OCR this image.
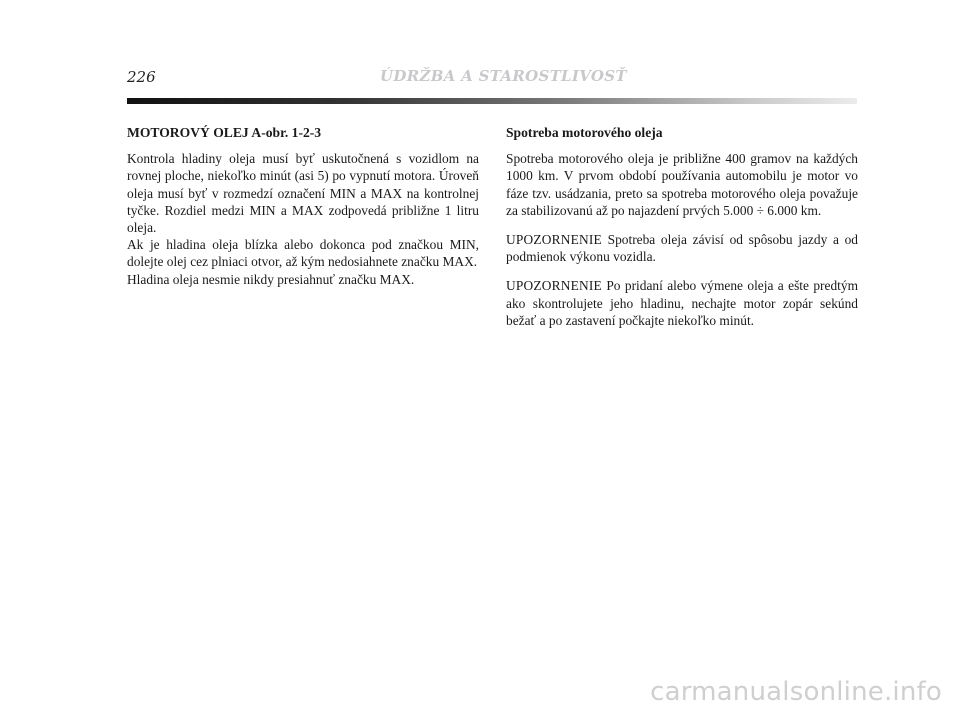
226	ÚDRŽBA A STAROSTLIVOSŤ

MOTOROVÝ OLEJ A-obr. 1-2-3

Kontrola hladiny oleja musí byť uskutočnená s vozidlom na rovnej ploche, niekoľko minút (asi 5) po vypnutí motora. Úroveň oleja musí byť v rozmedzí označení MIN a MAX na kontrolnej tyčke. Rozdiel medzi MIN a MAX zodpovedá približne 1 litru oleja.

Ak je hladina oleja blízka alebo dokonca pod značkou MIN, dolejte olej cez plniaci otvor, až kým nedosiahnete značku MAX.

Hladina oleja nesmie nikdy presiahnuť značku MAX.

Spotreba motorového oleja

Spotreba motorového oleja je približne 400 gramov na každých 1000 km. V prvom období používania automobilu je motor vo fáze tzv. usádzania, preto sa spotreba motorového oleja považuje za stabilizovanú až po najazdení prvých 5.000 ÷ 6.000 km.

UPOZORNENIE Spotreba oleja závisí od spôsobu jazdy a od podmienok výkonu vozidla.

UPOZORNENIE Po pridaní alebo výmene oleja a ešte predtým ako skontrolujete jeho hladinu, nechajte motor zopár sekúnd bežať a po zastavení počkajte niekoľko minút.

carmanualsonline.info
